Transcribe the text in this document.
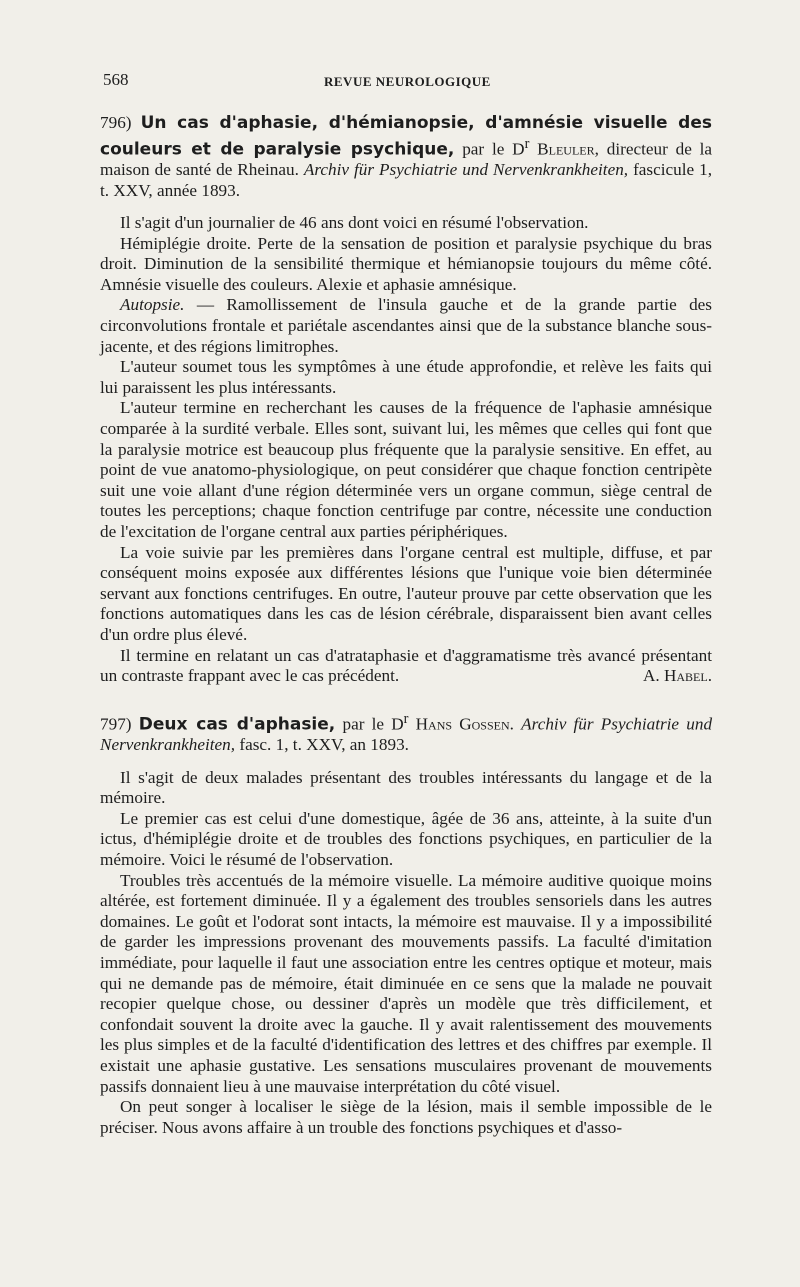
568	REVUE NEUROLOGIQUE
796) Un cas d'aphasie, d'hémianopsie, d'amnésie visuelle des couleurs et de paralysie psychique, par le $D^r$ Bleuler, directeur de la maison de santé de Rheinau. Archiv für Psychiatrie und Nervenkrankheiten, fascicule 1, t. XXV, année 1893.

Il s'agit d'un journalier de 46 ans dont voici en résumé l'observation.

Hémiplégie droite. Perte de la sensation de position et paralysie psychique du bras droit. Diminution de la sensibilité thermique et hémianopsie toujours du même côté. Amnésie visuelle des couleurs. Alexie et aphasie amnésique.

Autopsie. — Ramollissement de l'insula gauche et de la grande partie des circonvolutions frontale et pariétale ascendantes ainsi que de la substance blanche sous-jacente, et des régions limitrophes.

L'auteur soumet tous les symptômes à une étude approfondie, et relève les faits qui lui paraissent les plus intéressants.

L'auteur termine en recherchant les causes de la fréquence de l'aphasie amnésique comparée à la surdité verbale. Elles sont, suivant lui, les mêmes que celles qui font que la paralysie motrice est beaucoup plus fréquente que la paralysie sensitive. En effet, au point de vue anatomo-physiologique, on peut considérer que chaque fonction centripète suit une voie allant d'une région déterminée vers un organe commun, siège central de toutes les perceptions; chaque fonction centrifuge par contre, nécessite une conduction de l'excitation de l'organe central aux parties périphériques.

La voie suivie par les premières dans l'organe central est multiple, diffuse, et par conséquent moins exposée aux différentes lésions que l'unique voie bien déterminée servant aux fonctions centrifuges. En outre, l'auteur prouve par cette observation que les fonctions automatiques dans les cas de lésion cérébrale, disparaissent bien avant celles d'un ordre plus élevé.

Il termine en relatant un cas d'atrataphasie et d'aggramatisme très avancé présentant un contraste frappant avec le cas précédent.	A. Habel.

797) Deux cas d'aphasie, par le $D^r$ Hans Gossen. Archiv für Psychiatrie und Nervenkrankheiten, fasc. 1, t. XXV, an 1893.

Il s'agit de deux malades présentant des troubles intéressants du langage et de la mémoire.

Le premier cas est celui d'une domestique, âgée de 36 ans, atteinte, à la suite d'un ictus, d'hémiplégie droite et de troubles des fonctions psychiques, en particulier de la mémoire. Voici le résumé de l'observation.

Troubles très accentués de la mémoire visuelle. La mémoire auditive quoique moins altérée, est fortement diminuée. Il y a également des troubles sensoriels dans les autres domaines. Le goût et l'odorat sont intacts, la mémoire est mauvaise. Il y a impossibilité de garder les impressions provenant des mouvements passifs. La faculté d'imitation immédiate, pour laquelle il faut une association entre les centres optique et moteur, mais qui ne demande pas de mémoire, était diminuée en ce sens que la malade ne pouvait recopier quelque chose, ou dessiner d'après un modèle que très difficilement, et confondait souvent la droite avec la gauche. Il y avait ralentissement des mouvements les plus simples et de la faculté d'identification des lettres et des chiffres par exemple. Il existait une aphasie gustative. Les sensations musculaires provenant de mouvements passifs donnaient lieu à une mauvaise interprétation du côté visuel.

On peut songer à localiser le siège de la lésion, mais il semble impossible de le préciser. Nous avons affaire à un trouble des fonctions psychiques et d'asso-
